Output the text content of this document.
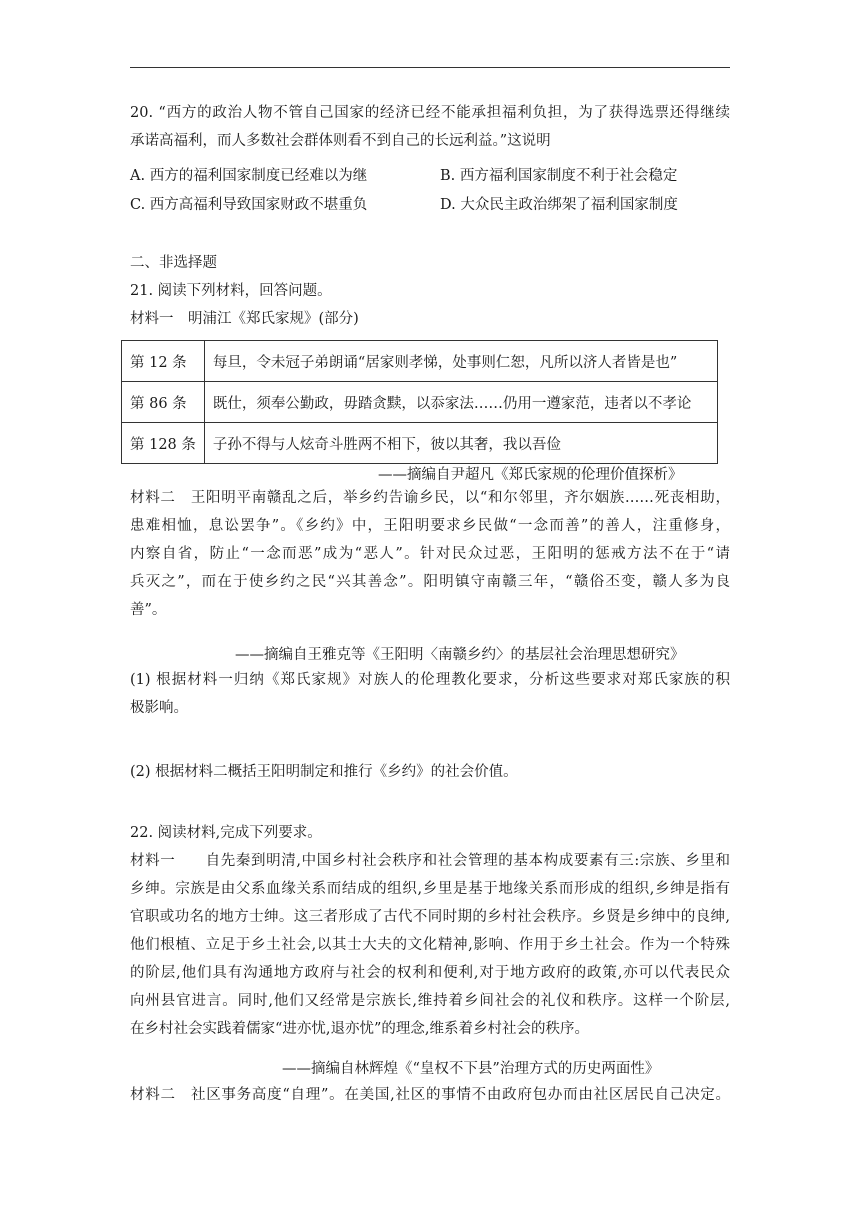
20. “西方的政治人物不管自己国家的经济已经不能承担福利负担，为了获得选票还得继续
承诺高福利，而人多数社会群体则看不到自己的长远利益。”这说明
A. 西方的福利国家制度已经难以为继	B. 西方福利国家制度不利于社会稳定
C. 西方高福利导致国家财政不堪重负	D. 大众民主政治绑架了福利国家制度
二、非选择题
21. 阅读下列材料，回答问题。
材料一　明浦江《郑氏家规》(部分)
第 12 条	每旦，令未冠子弟朗诵“居家则孝悌，处事则仁恕，凡所以济人者皆是也”
第 86 条	既仕，须奉公勤政，毋踏贪黩，以忝家法……仍用一遵家范，违者以不孝论
第 128 条	子孙不得与人炫奇斗胜两不相下，彼以其奢，我以吾俭
——摘编自尹超凡《郑氏家规的伦理价值探析》
材料二　王阳明平南赣乱之后，举乡约告谕乡民，以“和尔邻里，齐尔姻族……死丧相助，
患难相恤，息讼罢争”。《乡约》中，王阳明要求乡民做“一念而善”的善人，注重修身，
内察自省，防止“一念而恶”成为“恶人”。针对民众过恶，王阳明的惩戒方法不在于“请
兵灭之”，而在于使乡约之民“兴其善念”。阳明镇守南赣三年，“赣俗丕变，赣人多为良
善”。
——摘编自王雅克等《王阳明〈南赣乡约〉的基层社会治理思想研究》
(1) 根据材料一归纳《郑氏家规》对族人的伦理教化要求，分析这些要求对郑氏家族的积
极影响。
(2) 根据材料二概括王阳明制定和推行《乡约》的社会价值。
22. 阅读材料,完成下列要求。
材料一　　自先秦到明清,中国乡村社会秩序和社会管理的基本构成要素有三:宗族、乡里和
乡绅。宗族是由父系血缘关系而结成的组织,乡里是基于地缘关系而形成的组织,乡绅是指有
官职或功名的地方士绅。这三者形成了古代不同时期的乡村社会秩序。乡贤是乡绅中的良绅,
他们根植、立足于乡土社会,以其士大夫的文化精神,影响、作用于乡土社会。作为一个特殊
的阶层,他们具有沟通地方政府与社会的权利和便利,对于地方政府的政策,亦可以代表民众
向州县官进言。同时,他们又经常是宗族长,维持着乡间社会的礼仪和秩序。这样一个阶层,
在乡村社会实践着儒家“进亦忧,退亦忧”的理念,维系着乡村社会的秩序。
——摘编自林辉煌《“皇权不下县”治理方式的历史两面性》
材料二　社区事务高度“自理”。在美国,社区的事情不由政府包办而由社区居民自己决定。
